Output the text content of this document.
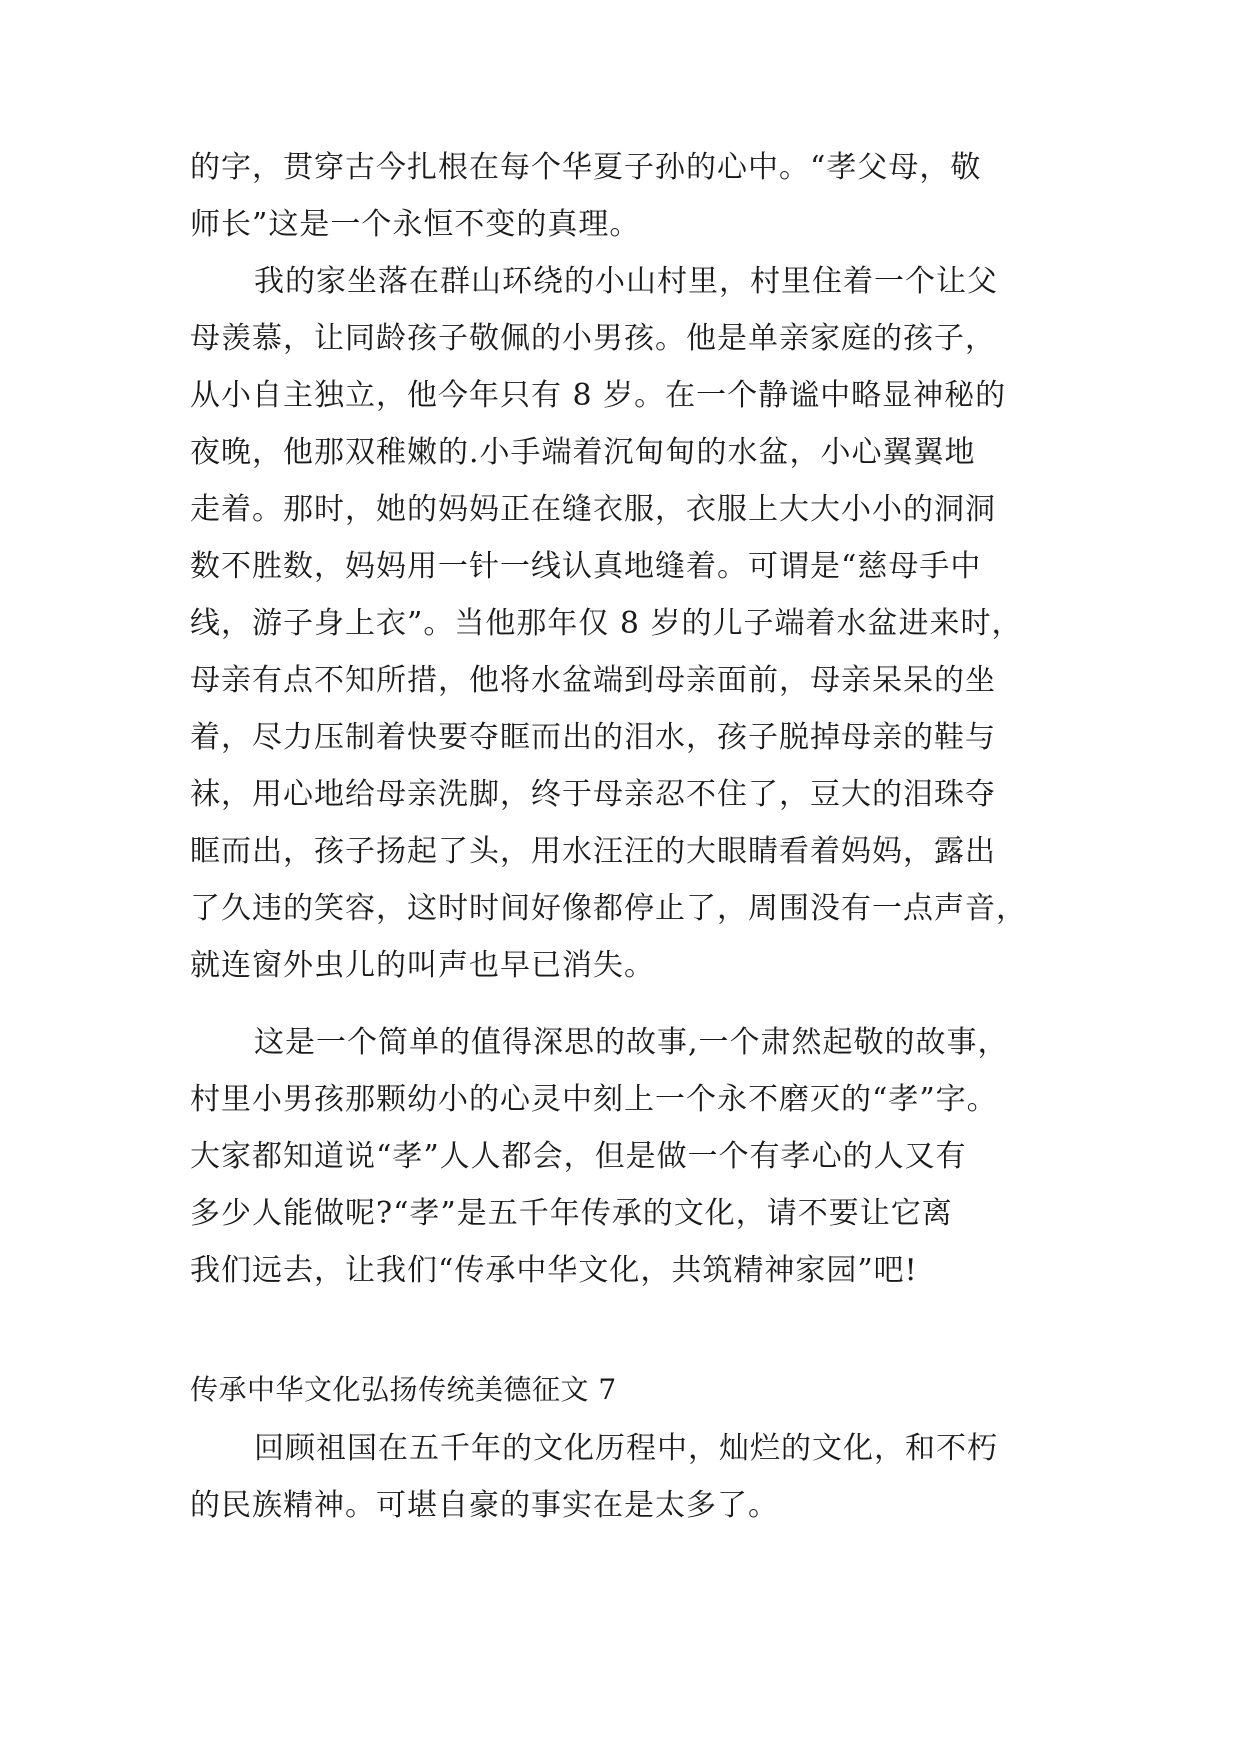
的字，贯穿古今扎根在每个华夏子孙的心中。“孝父母，敬
师长”这是一个永恒不变的真理。
我的家坐落在群山环绕的小山村里，村里住着一个让父
母羡慕，让同龄孩子敬佩的小男孩。他是单亲家庭的孩子，
从小自主独立，他今年只有 8 岁。在一个静谧中略显神秘的
夜晚，他那双稚嫩的.小手端着沉甸甸的水盆，小心翼翼地
走着。那时，她的妈妈正在缝衣服，衣服上大大小小的洞洞
数不胜数，妈妈用一针一线认真地缝着。可谓是“慈母手中
线，游子身上衣”。当他那年仅 8 岁的儿子端着水盆进来时，
母亲有点不知所措，他将水盆端到母亲面前，母亲呆呆的坐
着，尽力压制着快要夺眶而出的泪水，孩子脱掉母亲的鞋与
袜，用心地给母亲洗脚，终于母亲忍不住了，豆大的泪珠夺
眶而出，孩子扬起了头，用水汪汪的大眼睛看着妈妈，露出
了久违的笑容，这时时间好像都停止了，周围没有一点声音，
就连窗外虫儿的叫声也早已消失。
这是一个简单的值得深思的故事,一个肃然起敬的故事，
村里小男孩那颗幼小的心灵中刻上一个永不磨灭的“孝”字。
大家都知道说“孝”人人都会，但是做一个有孝心的人又有
多少人能做呢?“孝”是五千年传承的文化，请不要让它离
我们远去，让我们“传承中华文化，共筑精神家园”吧!
传承中华文化弘扬传统美德征文 7
回顾祖国在五千年的文化历程中，灿烂的文化，和不朽
的民族精神。可堪自豪的事实在是太多了。
